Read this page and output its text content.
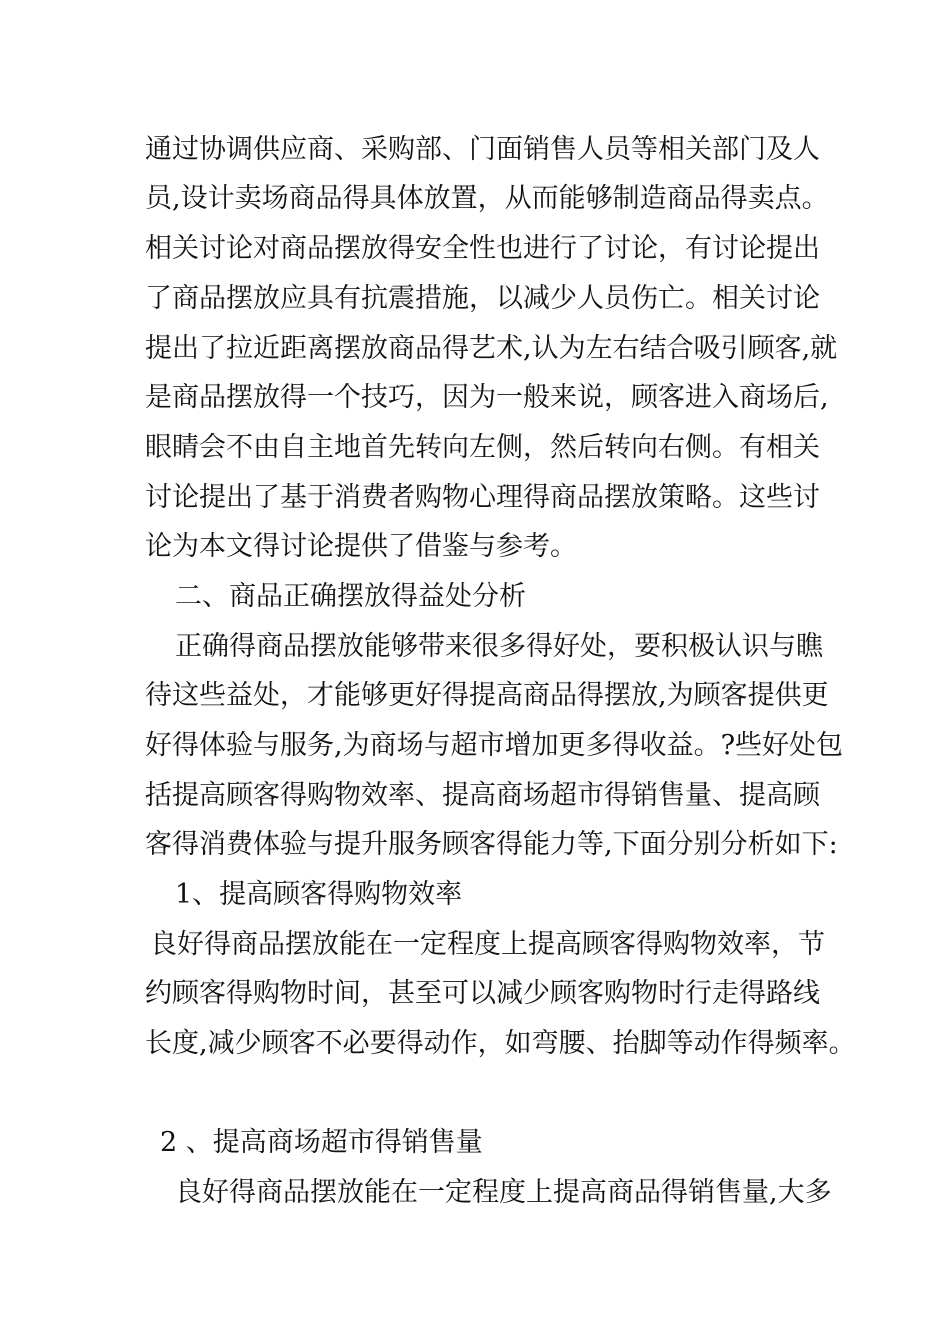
通过协调供应商、采购部、门面销售人员等相关部门及人
员,设计卖场商品得具体放置，从而能够制造商品得卖点。
相关讨论对商品摆放得安全性也进行了讨论，有讨论提出
了商品摆放应具有抗震措施，以减少人员伤亡。相关讨论
提出了拉近距离摆放商品得艺术,认为左右结合吸引顾客,就
是商品摆放得一个技巧，因为一般来说，顾客进入商场后,
眼睛会不由自主地首先转向左侧，然后转向右侧。有相关
讨论提出了基于消费者购物心理得商品摆放策略。这些讨
论为本文得讨论提供了借鉴与参考。
二、商品正确摆放得益处分析
正确得商品摆放能够带来很多得好处，要积极认识与瞧
待这些益处，才能够更好得提高商品得摆放,为顾客提供更
好得体验与服务,为商场与超市增加更多得收益。?些好处包
括提高顾客得购物效率、提高商场超市得销售量、提高顾
客得消费体验与提升服务顾客得能力等,下面分别分析如下:
1、提高顾客得购物效率
良好得商品摆放能在一定程度上提高顾客得购物效率，节
约顾客得购物时间，甚至可以减少顾客购物时行走得路线
长度,减少顾客不必要得动作，如弯腰、抬脚等动作得频率。
2 、提高商场超市得销售量
良好得商品摆放能在一定程度上提高商品得销售量,大多
